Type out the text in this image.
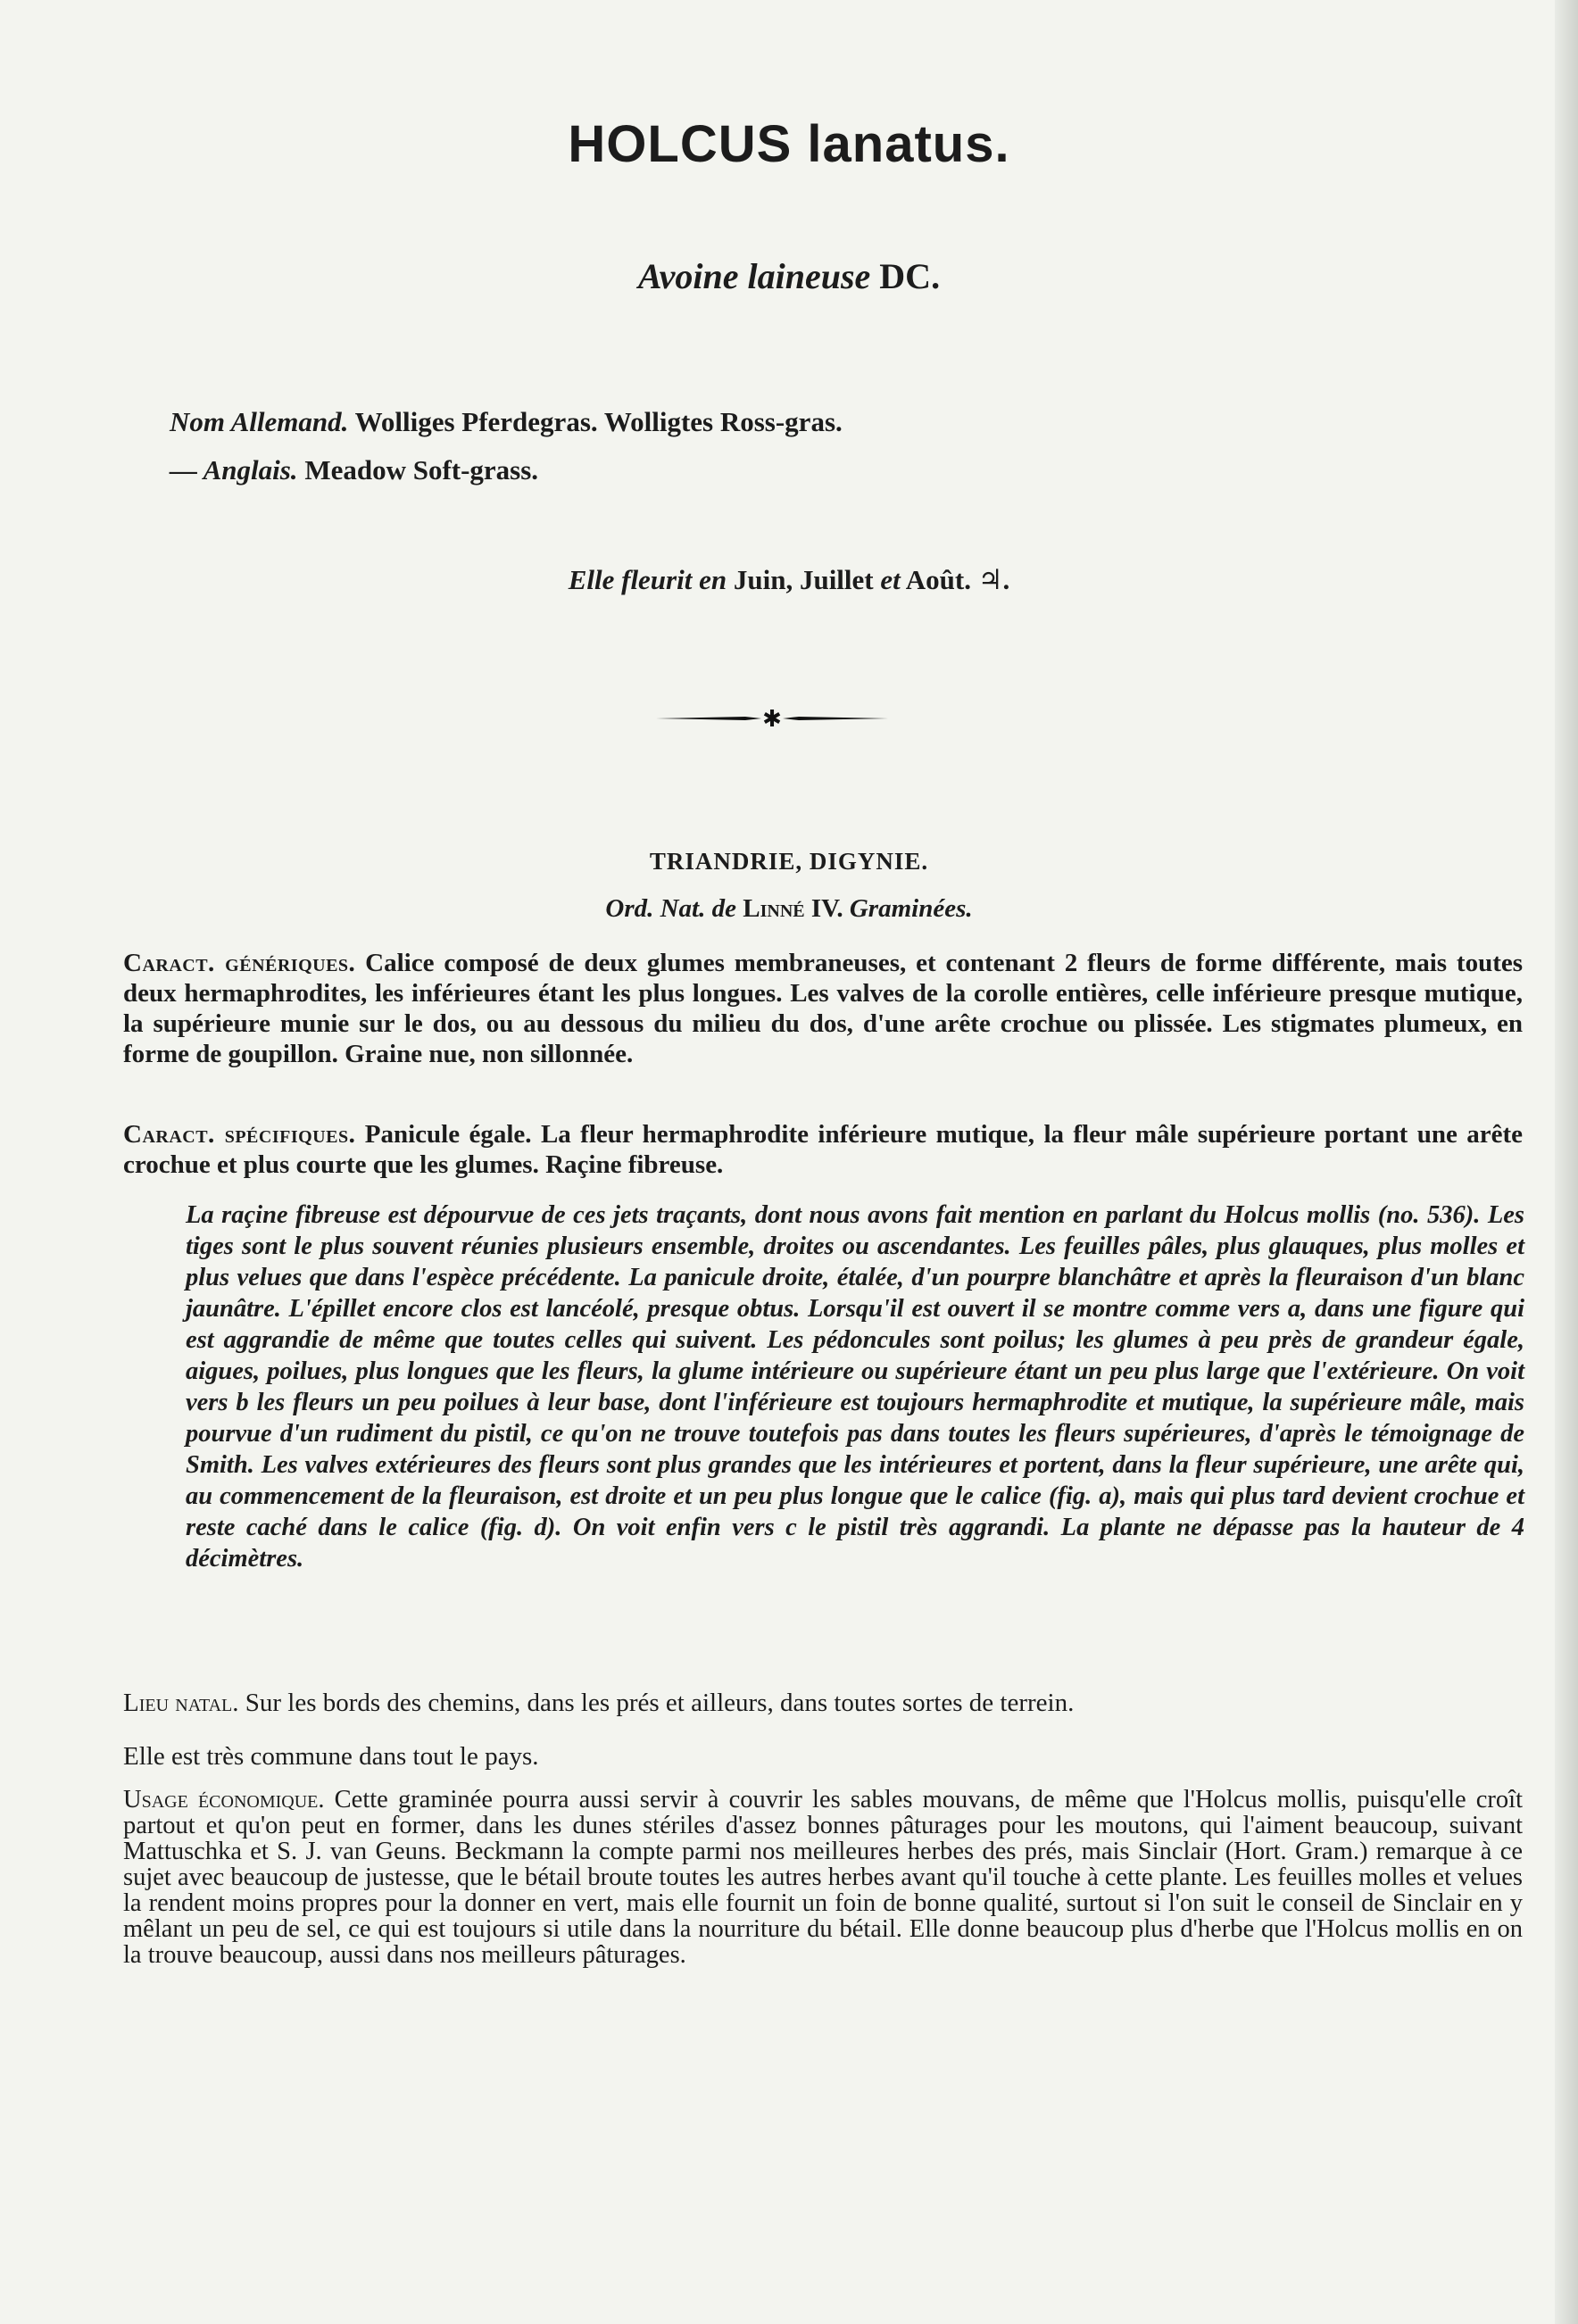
HOLCUS lanatus.
Avoine laineuse DC.
Nom Allemand. Wolliges Pferdegras. Wolligtes Ross-gras.
— Anglais. Meadow Soft-grass.
Elle fleurit en Juin, Juillet et Août. ♃.
✱
TRIANDRIE, DIGYNIE.
Ord. Nat. de Linné IV. Graminées.
Caract. génériques. Calice composé de deux glumes membraneuses, et contenant 2 fleurs de forme différente, mais toutes deux hermaphrodites, les inférieures étant les plus longues. Les valves de la corolle entières, celle inférieure presque mutique, la supérieure munie sur le dos, ou au dessous du milieu du dos, d'une arête crochue ou plissée. Les stigmates plumeux, en forme de goupillon. Graine nue, non sillonnée.
Caract. spécifiques. Panicule égale. La fleur hermaphrodite inférieure mutique, la fleur mâle supérieure portant une arête crochue et plus courte que les glumes. Raçine fibreuse.
La raçine fibreuse est dépourvue de ces jets traçants, dont nous avons fait mention en parlant du Holcus mollis (no. 536). Les tiges sont le plus souvent réunies plusieurs ensemble, droites ou ascendantes. Les feuilles pâles, plus glauques, plus molles et plus velues que dans l'espèce précédente. La panicule droite, étalée, d'un pourpre blanchâtre et après la fleuraison d'un blanc jaunâtre. L'épillet encore clos est lancéolé, presque obtus. Lorsqu'il est ouvert il se montre comme vers a, dans une figure qui est aggrandie de même que toutes celles qui suivent. Les pédoncules sont poilus; les glumes à peu près de grandeur égale, aigues, poilues, plus longues que les fleurs, la glume intérieure ou supérieure étant un peu plus large que l'extérieure. On voit vers b les fleurs un peu poilues à leur base, dont l'inférieure est toujours hermaphrodite et mutique, la supérieure mâle, mais pourvue d'un rudiment du pistil, ce qu'on ne trouve toutefois pas dans toutes les fleurs supérieures, d'après le témoignage de Smith. Les valves extérieures des fleurs sont plus grandes que les intérieures et portent, dans la fleur supérieure, une arête qui, au commencement de la fleuraison, est droite et un peu plus longue que le calice (fig. a), mais qui plus tard devient crochue et reste caché dans le calice (fig. d). On voit enfin vers c le pistil très aggrandi. La plante ne dépasse pas la hauteur de 4 décimètres.
Lieu natal. Sur les bords des chemins, dans les prés et ailleurs, dans toutes sortes de terrein.
Elle est très commune dans tout le pays.
Usage économique. Cette graminée pourra aussi servir à couvrir les sables mouvans, de même que l'Holcus mollis, puisqu'elle croît partout et qu'on peut en former, dans les dunes stériles d'assez bonnes pâturages pour les moutons, qui l'aiment beaucoup, suivant Mattuschka et S. J. van Geuns. Beckmann la compte parmi nos meilleures herbes des prés, mais Sinclair (Hort. Gram.) remarque à ce sujet avec beaucoup de justesse, que le bétail broute toutes les autres herbes avant qu'il touche à cette plante. Les feuilles molles et velues la rendent moins propres pour la donner en vert, mais elle fournit un foin de bonne qualité, surtout si l'on suit le conseil de Sinclair en y mêlant un peu de sel, ce qui est toujours si utile dans la nourriture du bétail. Elle donne beaucoup plus d'herbe que l'Holcus mollis en on la trouve beaucoup, aussi dans nos meilleurs pâturages.
